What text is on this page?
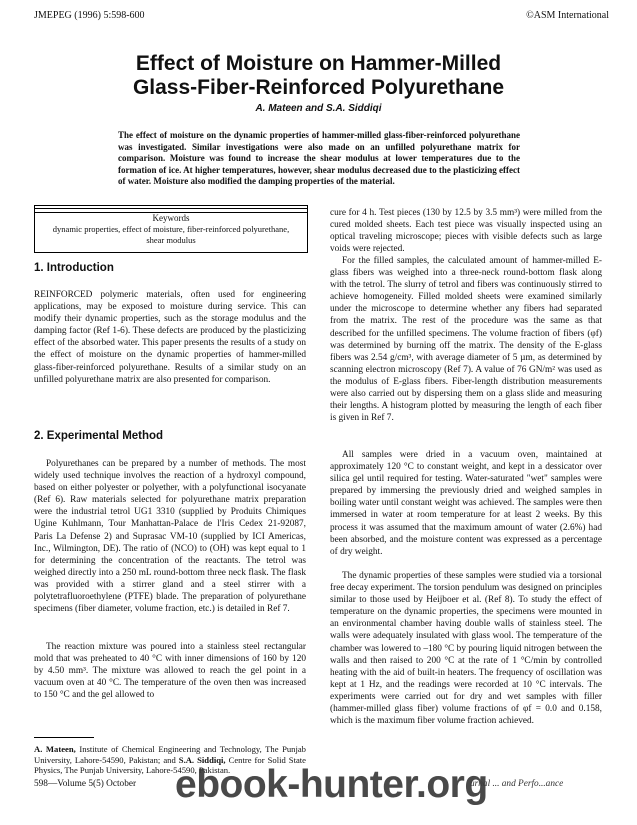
JMEPEG (1996) 5:598-600	©ASM International
Effect of Moisture on Hammer-Milled
Glass-Fiber-Reinforced Polyurethane
A. Mateen and S.A. Siddiqi

The effect of moisture on the dynamic properties of hammer-milled glass-fiber-reinforced polyurethane was investigated. Similar investigations were also made on an unfilled polyurethane matrix for comparison. Moisture was found to increase the shear modulus at lower temperatures due to the formation of ice. At higher temperatures, however, shear modulus decreased due to the plasticizing effect of water. Moisture also modified the damping properties of the material.

Keywords
dynamic properties, effect of moisture, fiber-reinforced polyurethane, shear modulus
1. Introduction

REINFORCED polymeric materials, often used for engineering applications, may be exposed to moisture during service. This can modify their dynamic properties, such as the storage modulus and the damping factor (Ref 1-6). These defects are produced by the plasticizing effect of the absorbed water. This paper presents the results of a study on the effect of moisture on the dynamic properties of hammer-milled glass-fiber-reinforced polyurethane. Results of a similar study on an unfilled polyurethane matrix are also presented for comparison.

2. Experimental Method

Polyurethanes can be prepared by a number of methods. The most widely used technique involves the reaction of a hydroxyl compound, based on either polyester or polyether, with a polyfunctional isocyanate (Ref 6). Raw materials selected for polyurethane matrix preparation were the industrial tetrol UG1 3310 (supplied by Produits Chimiques Ugine Kuhlmann, Tour Manhattan-Palace de l'Iris Cedex 21-92087, Paris La Defense 2) and Suprasac VM-10 (supplied by ICI Americas, Inc., Wilmington, DE). The ratio of (NCO) to (OH) was kept equal to 1 for determining the concentration of the reactants. The tetrol was weighed directly into a 250 mL round-bottom three neck flask. The flask was provided with a stirrer gland and a steel stirrer with a polytetrafluoroethylene (PTFE) blade. The preparation of polyurethane specimens (fiber diameter, volume fraction, etc.) is detailed in Ref 7.

The reaction mixture was poured into a stainless steel rectangular mold that was preheated to 40 °C with inner dimensions of 160 by 120 by 4.50 mm³. The mixture was allowed to reach the gel point in a vacuum oven at 40 °C. The temperature of the oven then was increased to 150 °C and the gel allowed to

cure for 4 h. Test pieces (130 by 12.5 by 3.5 mm³) were milled from the cured molded sheets. Each test piece was visually inspected using an optical traveling microscope; pieces with visible defects such as large voids were rejected.

For the filled samples, the calculated amount of hammer-milled E-glass fibers was weighed into a three-neck round-bottom flask along with the tetrol. The slurry of tetrol and fibers was continuously stirred to achieve homogeneity. Filled molded sheets were examined similarly under the microscope to determine whether any fibers had separated from the matrix. The rest of the procedure was the same as that described for the unfilled specimens. The volume fraction of fibers (φf) was determined by burning off the matrix. The density of the E-glass fibers was 2.54 g/cm³, with average diameter of 5 µm, as determined by scanning electron microscopy (Ref 7). A value of 76 GN/m² was used as the modulus of E-glass fibers. Fiber-length distribution measurements were also carried out by dispersing them on a glass slide and measuring their lengths. A histogram plotted by measuring the length of each fiber is given in Ref 7.

All samples were dried in a vacuum oven, maintained at approximately 120 °C to constant weight, and kept in a dessicator over silica gel until required for testing. Water-saturated "wet" samples were prepared by immersing the previously dried and weighed samples in boiling water until constant weight was achieved. The samples were then immersed in water at room temperature for at least 2 weeks. By this process it was assumed that the maximum amount of water (2.6%) had been absorbed, and the moisture content was expressed as a percentage of dry weight.

The dynamic properties of these samples were studied via a torsional free decay experiment. The torsion pendulum was designed on principles similar to those used by Heijboer et al. (Ref 8). To study the effect of temperature on the dynamic properties, the specimens were mounted in an environmental chamber having double walls of stainless steel. The walls were adequately insulated with glass wool. The temperature of the chamber was lowered to –180 °C by pouring liquid nitrogen between the walls and then raised to 200 °C at the rate of 1 °C/min by controlled heating with the aid of built-in heaters. The frequency of oscillation was kept at 1 Hz, and the readings were recorded at 10 °C intervals. The experiments were carried out for dry and wet samples with filler (hammer-milled glass fiber) volume fractions of φf = 0.0 and 0.158, which is the maximum fiber volume fraction achieved.

A. Mateen, Institute of Chemical Engineering and Technology, The Punjab University, Lahore-54590, Pakistan; and S.A. Siddiqi, Centre for Solid State Physics, The Punjab University, Lahore-54590, Pakistan.

598—Volume 5(5) October	urnal ... and Perfo...ance
ebook-hunter.org
